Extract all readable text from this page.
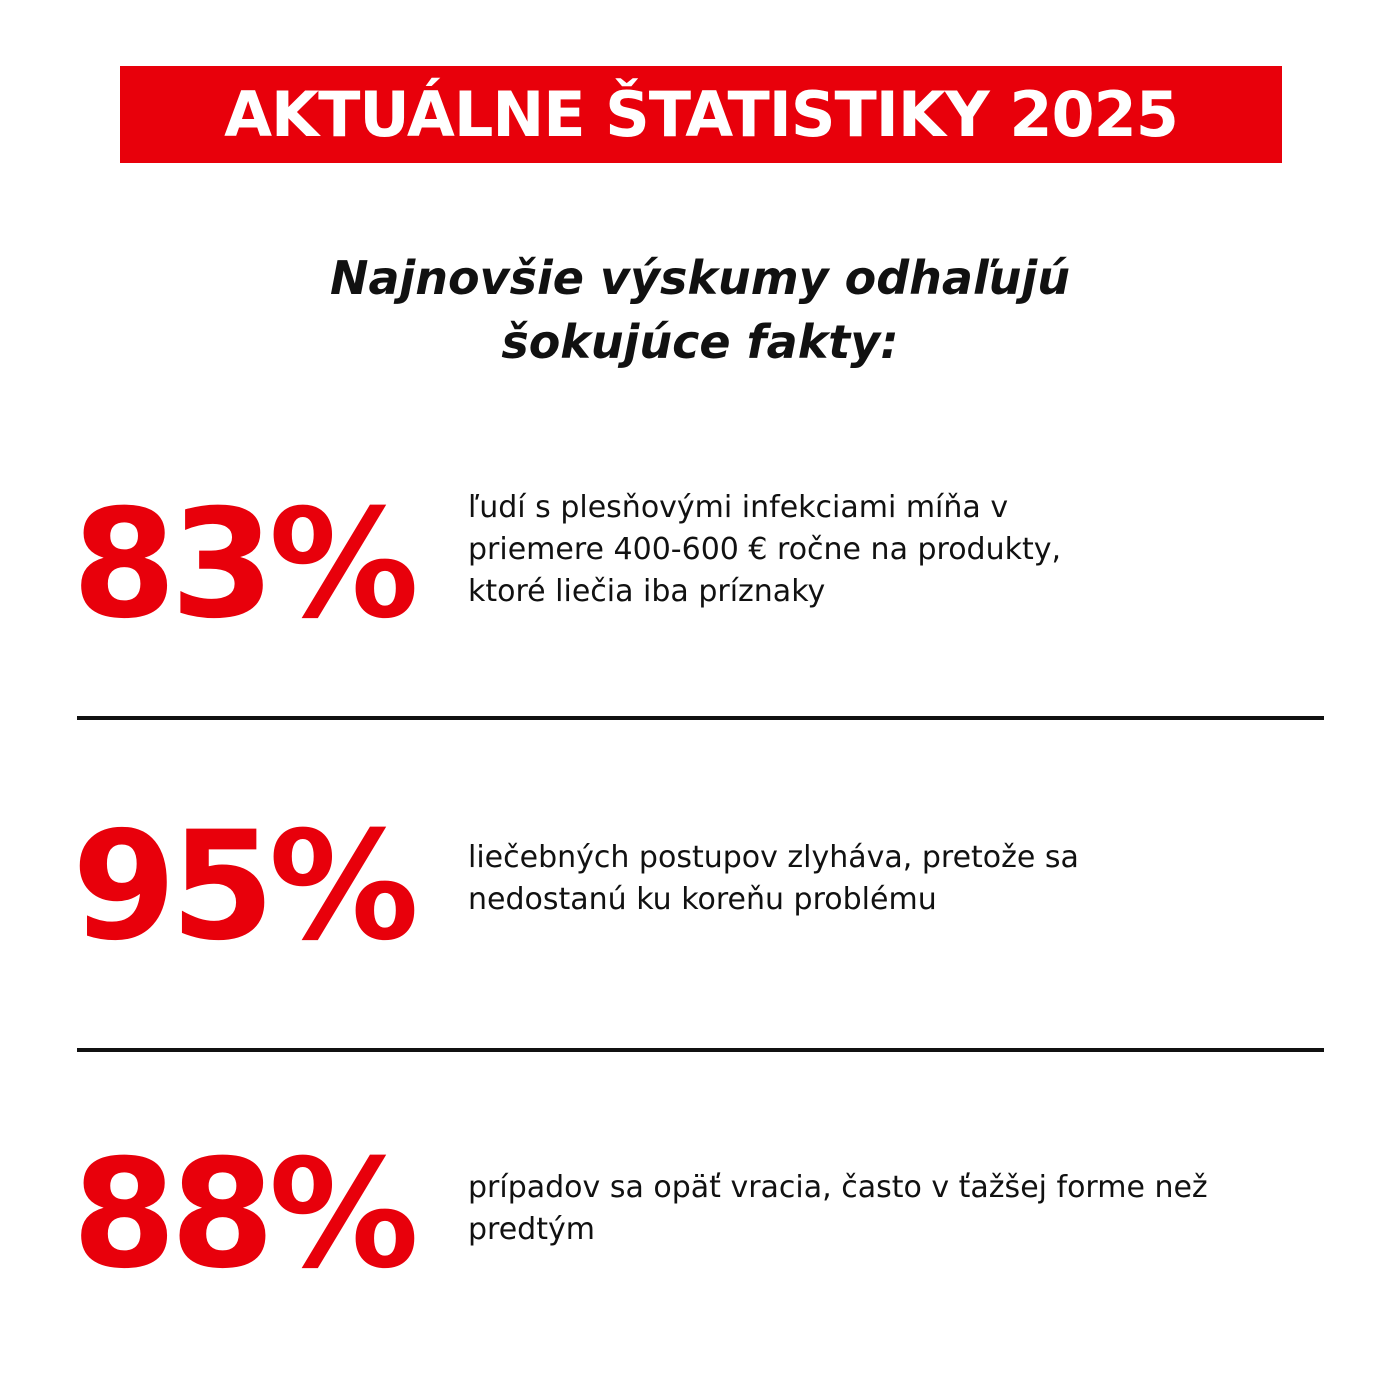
AKTUÁLNE ŠTATISTIKY 2025
Najnovšie výskumy odhaľujú
šokujúce fakty:
83% ľudí s plesňovými infekciami míňa v
priemere 400-600 € ročne na produkty,
ktoré liečia iba príznaky
95% liečebných postupov zlyháva, pretože sa
nedostanú ku koreňu problému
88% prípadov sa opäť vracia, často v ťažšej forme než
predtým
